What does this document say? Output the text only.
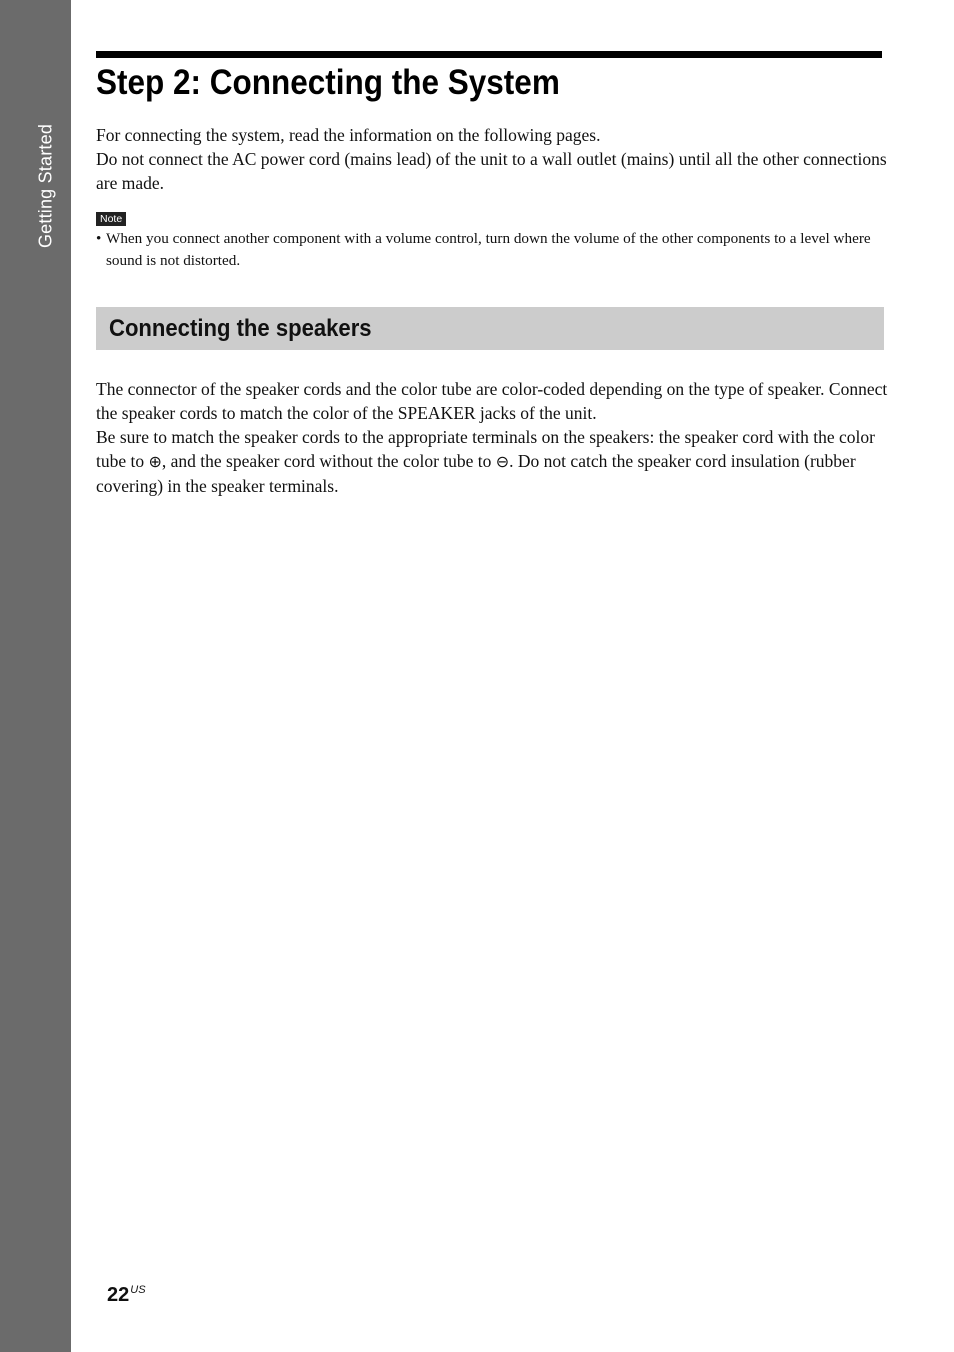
Getting Started
Step 2: Connecting the System

For connecting the system, read the information on the following pages.

Do not connect the AC power cord (mains lead) of the unit to a wall outlet (mains) until all the other connections are made.

Note
• When you connect another component with a volume control, turn down the volume of the other components to a level where sound is not distorted.
Connecting the speakers

The connector of the speaker cords and the color tube are color-coded depending on the type of speaker. Connect the speaker cords to match the color of the SPEAKER jacks of the unit.

Be sure to match the speaker cords to the appropriate terminals on the speakers: the speaker cord with the color tube to ⊕, and the speaker cord without the color tube to ⊖. Do not catch the speaker cord insulation (rubber covering) in the speaker terminals.

$22^{US}$
